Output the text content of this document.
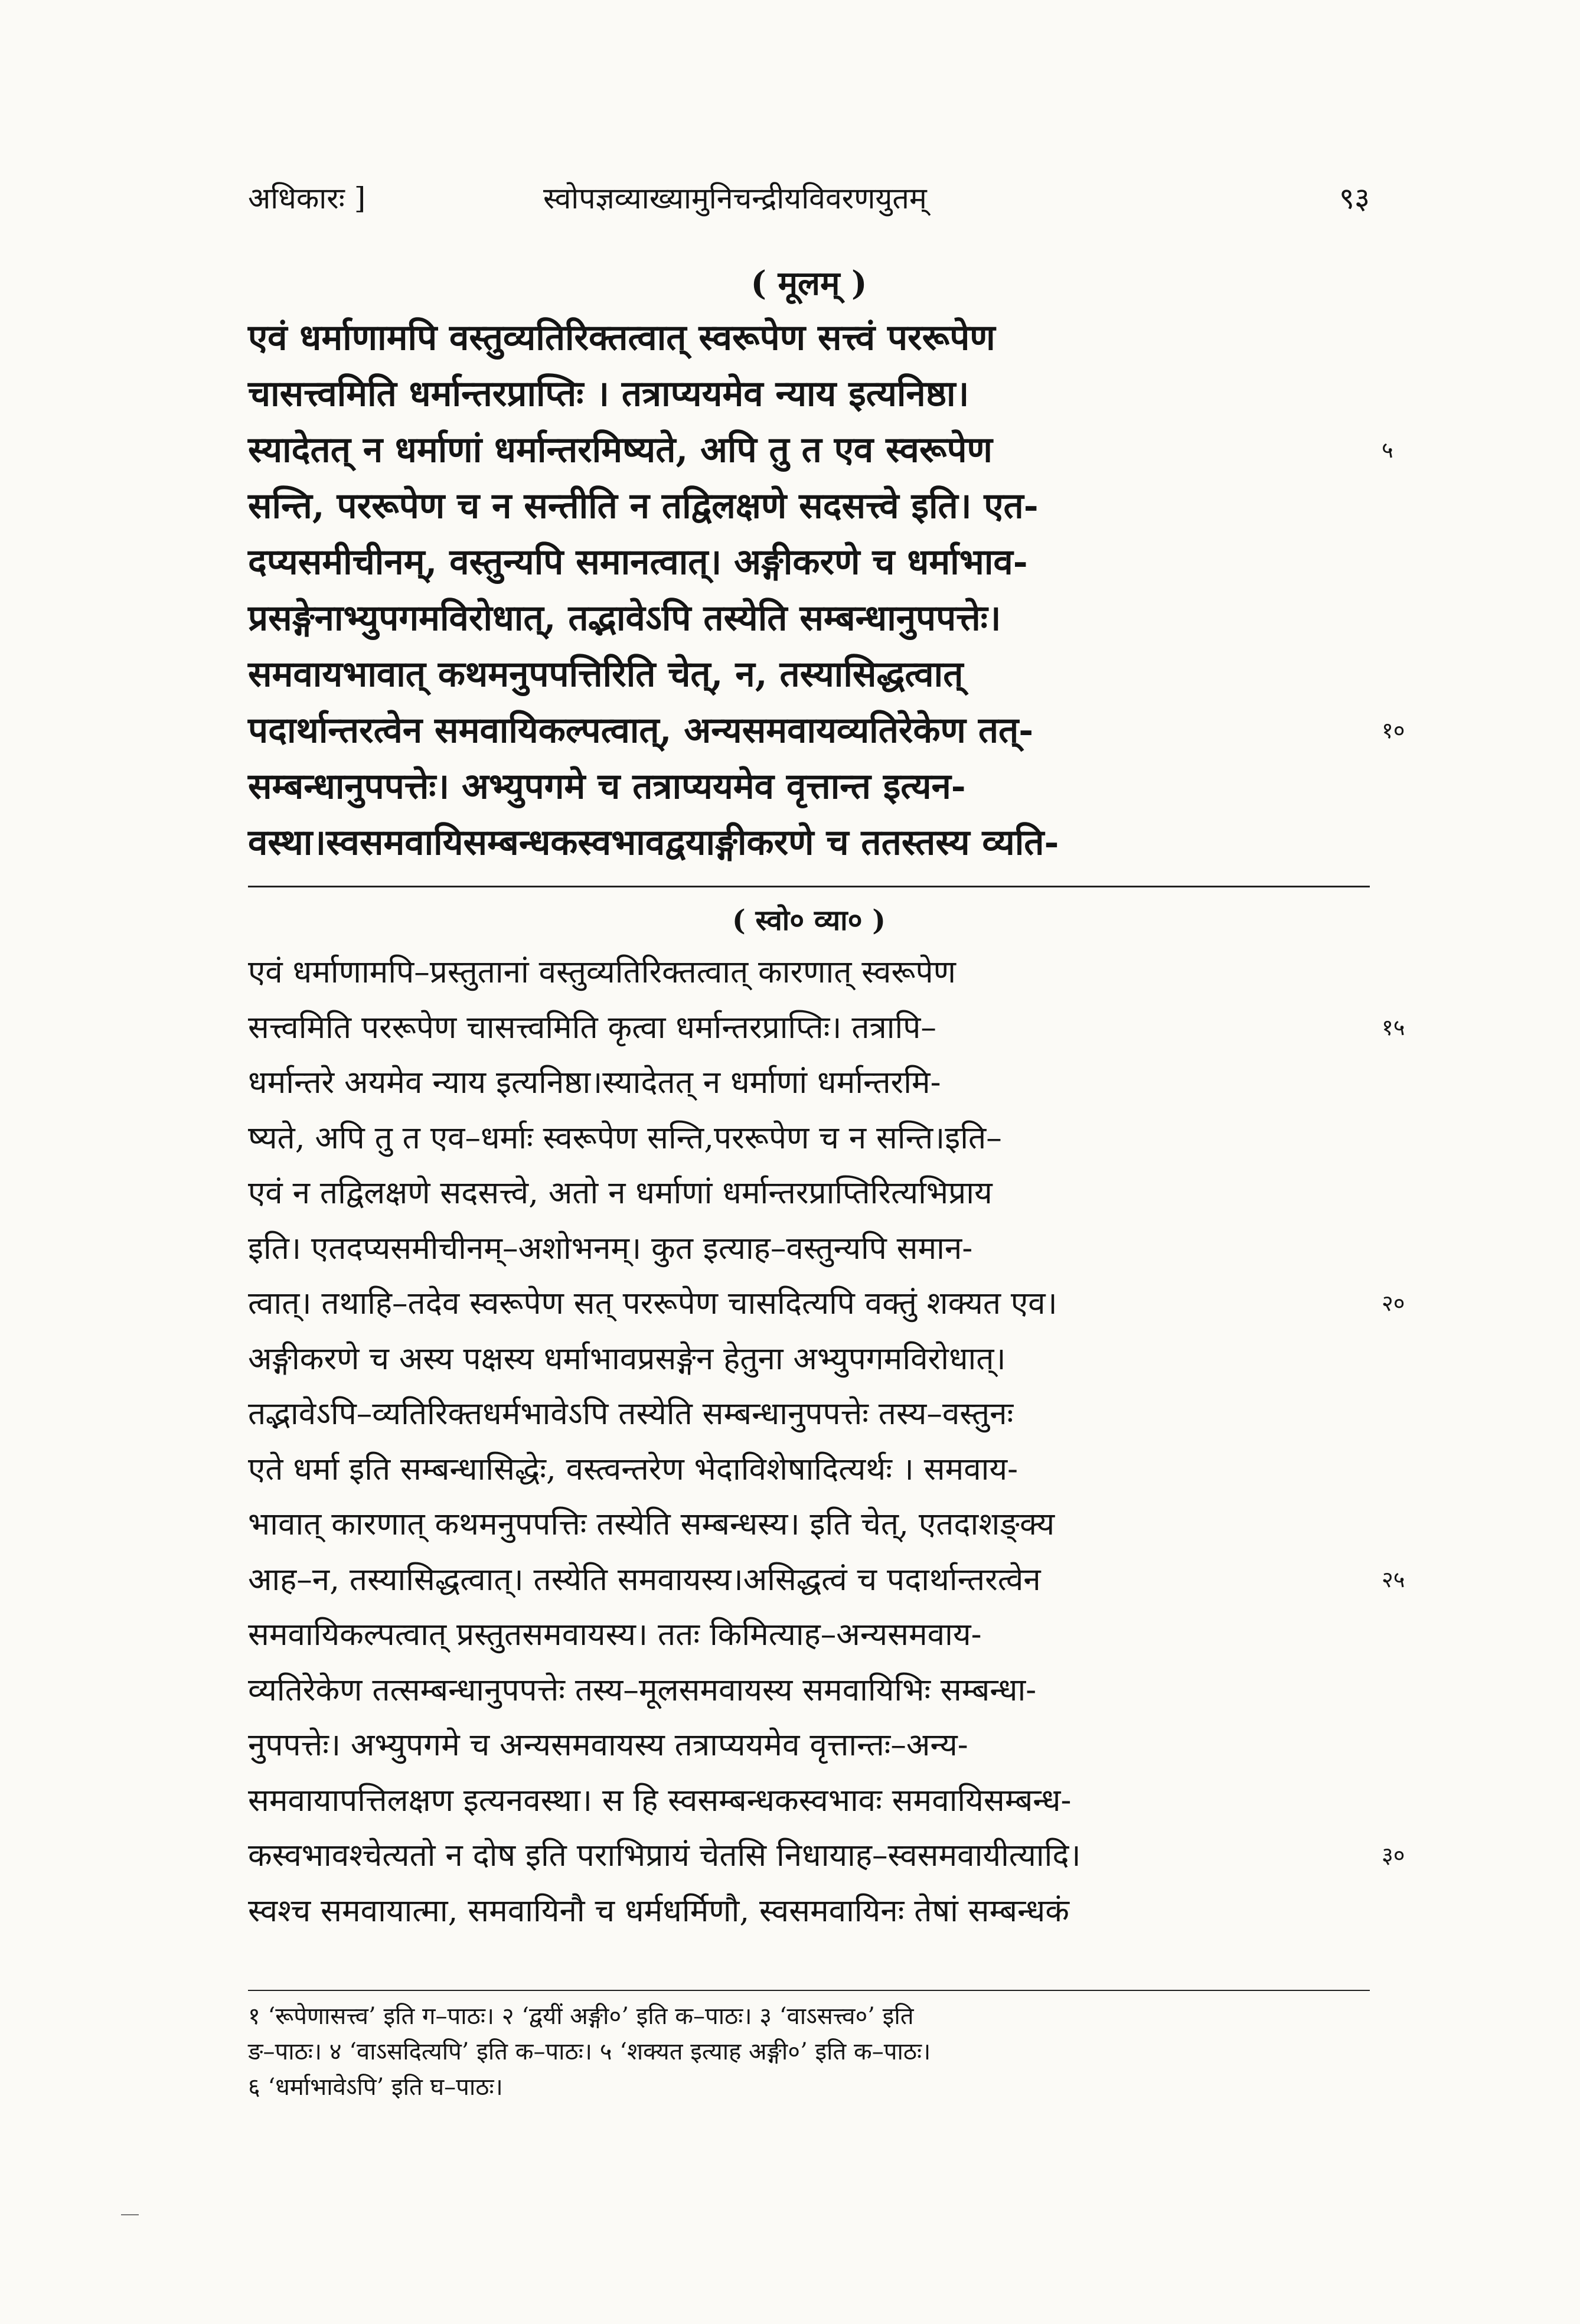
अधिकारः ]	स्वोपज्ञव्याख्यामुनिचन्द्रीयविवरणयुतम्	९३
( मूलम् )
एवं धर्माणामपि वस्तुव्यतिरिक्तत्वात् स्वरूपेण सत्त्वं पररूपेण
चासत्त्वमिति धर्मान्तरप्राप्तिः । तत्राप्ययमेव न्याय इत्यनिष्ठा।
स्यादेतत् न धर्माणां धर्मान्तरमिष्यते, अपि तु त एव स्वरूपेण	५
सन्ति, पररूपेण च न सन्तीति न तद्विलक्षणे सदसत्त्वे इति। एत-
दप्यसमीचीनम्, वस्तुन्यपि समानत्वात्। अङ्गीकरणे च धर्माभाव-
प्रसङ्गेनाभ्युपगमविरोधात्, तद्भावेऽपि तस्येति सम्बन्धानुपपत्तेः।
समवायभावात् कथमनुपपत्तिरिति चेत्, न, तस्यासिद्धत्वात्
पदार्थान्तरत्वेन समवायिकल्पत्वात्, अन्यसमवायव्यतिरेकेण तत्-	१०
सम्बन्धानुपपत्तेः। अभ्युपगमे च तत्राप्ययमेव वृत्तान्त इत्यन-
वस्था।स्वसमवायिसम्बन्धकस्वभावद्वयाङ्गीकरणे च ततस्तस्य व्यति-
( स्वो० व्या० )
एवं धर्माणामपि–प्रस्तुतानां वस्तुव्यतिरिक्तत्वात् कारणात् स्वरूपेण
सत्त्वमिति पररूपेण चासत्त्वमिति कृत्वा धर्मान्तरप्राप्तिः। तत्रापि–	१५
धर्मान्तरे अयमेव न्याय इत्यनिष्ठा।स्यादेतत् न धर्माणां धर्मान्तरमि-
ष्यते, अपि तु त एव–धर्माः स्वरूपेण सन्ति,पररूपेण च न सन्ति।इति–
एवं न तद्विलक्षणे सदसत्त्वे, अतो न धर्माणां धर्मान्तरप्राप्तिरित्यभिप्राय
इति। एतदप्यसमीचीनम्–अशोभनम्। कुत इत्याह–वस्तुन्यपि समान-
त्वात्। तथाहि–तदेव स्वरूपेण सत् पररूपेण चासदित्यपि वक्तुं शक्यत एव।	२०
अङ्गीकरणे च अस्य पक्षस्य धर्माभावप्रसङ्गेन हेतुना अभ्युपगमविरोधात्।
तद्भावेऽपि–व्यतिरिक्तधर्मभावेऽपि तस्येति सम्बन्धानुपपत्तेः तस्य–वस्तुनः
एते धर्मा इति सम्बन्धासिद्धेः, वस्त्वन्तरेण भेदाविशेषादित्यर्थः । समवाय-
भावात् कारणात् कथमनुपपत्तिः तस्येति सम्बन्धस्य। इति चेत्, एतदाशङ्क्य
आह–न, तस्यासिद्धत्वात्। तस्येति समवायस्य।असिद्धत्वं च पदार्थान्तरत्वेन	२५
समवायिकल्पत्वात् प्रस्तुतसमवायस्य। ततः किमित्याह–अन्यसमवाय-
व्यतिरेकेण तत्सम्बन्धानुपपत्तेः तस्य–मूलसमवायस्य समवायिभिः सम्बन्धा-
नुपपत्तेः। अभ्युपगमे च अन्यसमवायस्य तत्राप्ययमेव वृत्तान्तः–अन्य-
समवायापत्तिलक्षण इत्यनवस्था। स हि स्वसम्बन्धकस्वभावः समवायिसम्बन्ध-
कस्वभावश्चेत्यतो न दोष इति पराभिप्रायं चेतसि निधायाह–स्वसमवायीत्यादि।	३०
स्वश्च समवायात्मा, समवायिनौ च धर्मधर्मिणौ, स्वसमवायिनः तेषां सम्बन्धकं
१ ‘रूपेणासत्त्व’ इति ग–पाठः। २ ‘द्वयीं अङ्गी०’ इति क–पाठः। ३ ‘वाऽसत्त्व०’ इति
ङ–पाठः। ४ ‘वाऽसदित्यपि’ इति क–पाठः। ५ ‘शक्यत इत्याह अङ्गी०’ इति क–पाठः।
६ ‘धर्माभावेऽपि’ इति घ–पाठः।
